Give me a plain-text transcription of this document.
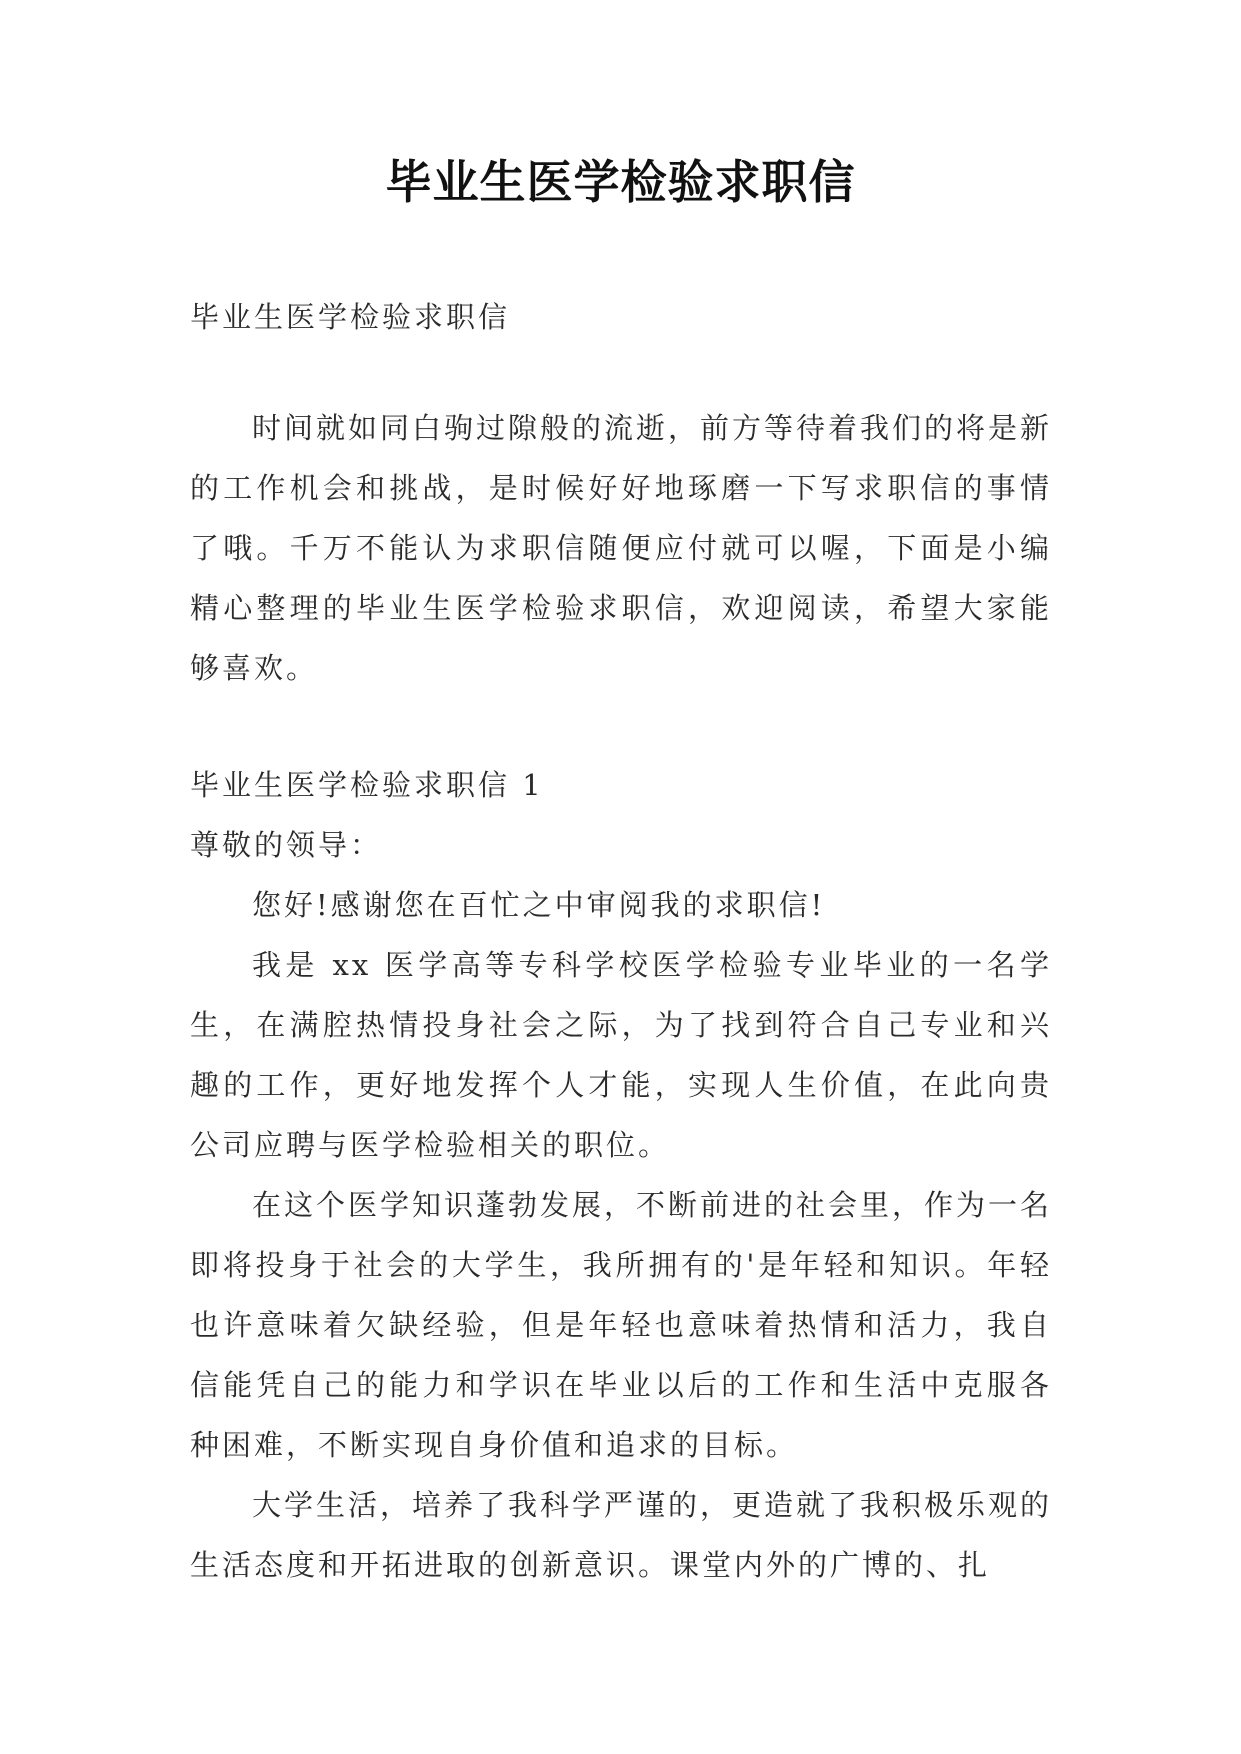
毕业生医学检验求职信
毕业生医学检验求职信

时间就如同白驹过隙般的流逝，前方等待着我们的将是新的工作机会和挑战，是时候好好地琢磨一下写求职信的事情了哦。千万不能认为求职信随便应付就可以喔，下面是小编精心整理的毕业生医学检验求职信，欢迎阅读，希望大家能够喜欢。

毕业生医学检验求职信 1

尊敬的领导：

您好!感谢您在百忙之中审阅我的求职信!

我是 xx 医学高等专科学校医学检验专业毕业的一名学生，在满腔热情投身社会之际，为了找到符合自己专业和兴趣的工作，更好地发挥个人才能，实现人生价值，在此向贵公司应聘与医学检验相关的职位。

在这个医学知识蓬勃发展，不断前进的社会里，作为一名即将投身于社会的大学生，我所拥有的'是年轻和知识。年轻也许意味着欠缺经验，但是年轻也意味着热情和活力，我自信能凭自己的能力和学识在毕业以后的工作和生活中克服各种困难，不断实现自身价值和追求的目标。

大学生活，培养了我科学严谨的，更造就了我积极乐观的生活态度和开拓进取的创新意识。课堂内外的广博的、扎
